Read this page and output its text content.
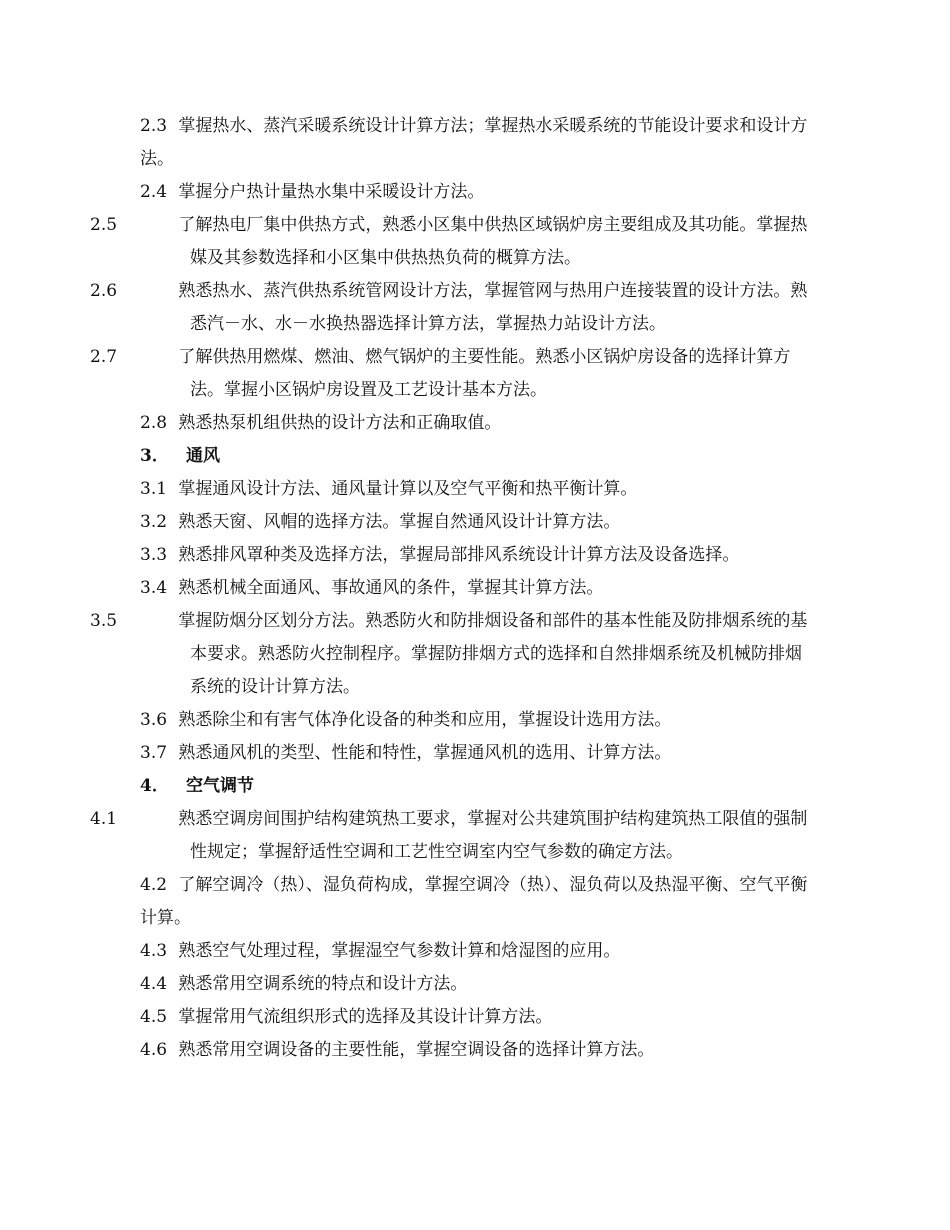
2.3 掌握热水、蒸汽采暖系统设计计算方法；掌握热水采暖系统的节能设计要求和设计方法。

2.4 掌握分户热计量热水集中采暖设计方法。

2.5	了解热电厂集中供热方式，熟悉小区集中供热区域锅炉房主要组成及其功能。掌握热媒及其参数选择和小区集中供热热负荷的概算方法。

2.6	熟悉热水、蒸汽供热系统管网设计方法，掌握管网与热用户连接装置的设计方法。熟悉汽－水、水－水换热器选择计算方法，掌握热力站设计方法。

2.7	了解供热用燃煤、燃油、燃气锅炉的主要性能。熟悉小区锅炉房设备的选择计算方法。掌握小区锅炉房设置及工艺设计基本方法。

2.8 熟悉热泵机组供热的设计方法和正确取值。

3． 通风

3.1 掌握通风设计方法、通风量计算以及空气平衡和热平衡计算。

3.2 熟悉天窗、风帽的选择方法。掌握自然通风设计计算方法。

3.3 熟悉排风罩种类及选择方法，掌握局部排风系统设计计算方法及设备选择。

3.4 熟悉机械全面通风、事故通风的条件，掌握其计算方法。

3.5	掌握防烟分区划分方法。熟悉防火和防排烟设备和部件的基本性能及防排烟系统的基本要求。熟悉防火控制程序。掌握防排烟方式的选择和自然排烟系统及机械防排烟系统的设计计算方法。

3.6 熟悉除尘和有害气体净化设备的种类和应用，掌握设计选用方法。

3.7 熟悉通风机的类型、性能和特性，掌握通风机的选用、计算方法。

4． 空气调节

4.1	熟悉空调房间围护结构建筑热工要求，掌握对公共建筑围护结构建筑热工限值的强制性规定；掌握舒适性空调和工艺性空调室内空气参数的确定方法。

4.2 了解空调冷（热）、湿负荷构成，掌握空调冷（热）、湿负荷以及热湿平衡、空气平衡计算。

4.3 熟悉空气处理过程，掌握湿空气参数计算和焓湿图的应用。

4.4 熟悉常用空调系统的特点和设计方法。

4.5 掌握常用气流组织形式的选择及其设计计算方法。

4.6 熟悉常用空调设备的主要性能，掌握空调设备的选择计算方法。
